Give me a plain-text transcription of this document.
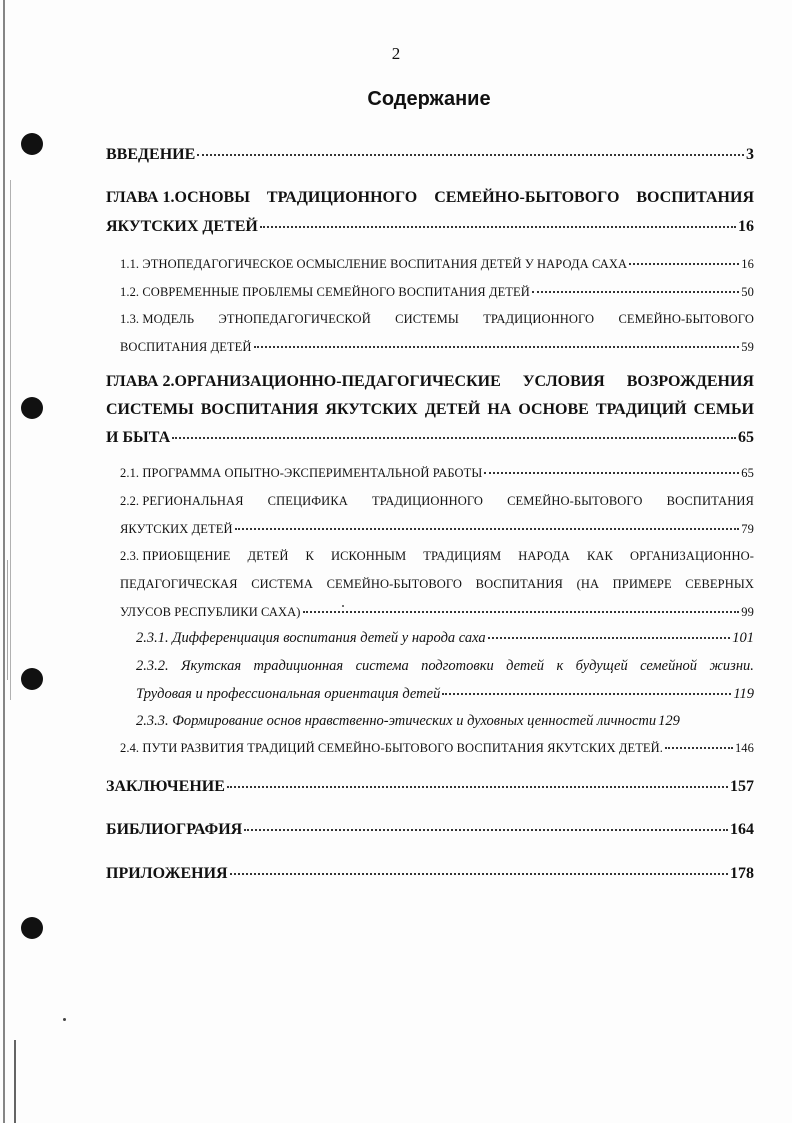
2
Содержание
ВВЕДЕНИЕ	3
ГЛАВА 1.ОСНОВЫ ТРАДИЦИОННОГО СЕМЕЙНО-БЫТОВОГО ВОСПИТАНИЯ
ЯКУТСКИХ ДЕТЕЙ	16
1.1. ЭТНОПЕДАГОГИЧЕСКОЕ ОСМЫСЛЕНИЕ ВОСПИТАНИЯ ДЕТЕЙ У НАРОДА САХА	16
1.2. СОВРЕМЕННЫЕ ПРОБЛЕМЫ СЕМЕЙНОГО ВОСПИТАНИЯ ДЕТЕЙ	50
1.3. МОДЕЛЬ ЭТНОПЕДАГОГИЧЕСКОЙ СИСТЕМЫ ТРАДИЦИОННОГО СЕМЕЙНО-БЫТОВОГО
ВОСПИТАНИЯ ДЕТЕЙ	59
ГЛАВА 2.ОРГАНИЗАЦИОННО-ПЕДАГОГИЧЕСКИЕ УСЛОВИЯ ВОЗРОЖДЕНИЯ
СИСТЕМЫ ВОСПИТАНИЯ ЯКУТСКИХ ДЕТЕЙ НА ОСНОВЕ ТРАДИЦИЙ СЕМЬИ
И БЫТА	65
2.1. ПРОГРАММА ОПЫТНО-ЭКСПЕРИМЕНТАЛЬНОЙ РАБОТЫ	65
2.2. РЕГИОНАЛЬНАЯ СПЕЦИФИКА ТРАДИЦИОННОГО СЕМЕЙНО-БЫТОВОГО ВОСПИТАНИЯ
ЯКУТСКИХ ДЕТЕЙ	79
2.3. ПРИОБЩЕНИЕ ДЕТЕЙ К ИСКОННЫМ ТРАДИЦИЯМ НАРОДА КАК ОРГАНИЗАЦИОННО-
ПЕДАГОГИЧЕСКАЯ СИСТЕМА СЕМЕЙНО-БЫТОВОГО ВОСПИТАНИЯ (НА ПРИМЕРЕ СЕВЕРНЫХ
УЛУСОВ РЕСПУБЛИКИ САХА)	99
2.3.1. Дифференциация воспитания детей у народа саха	101
2.3.2. Якутская традиционная система подготовки детей к будущей семейной жизни.
Трудовая и профессиональная ориентация детей	119
2.3.3. Формирование основ нравственно-этических и духовных ценностей личности 129
2.4. ПУТИ РАЗВИТИЯ ТРАДИЦИЙ СЕМЕЙНО-БЫТОВОГО ВОСПИТАНИЯ ЯКУТСКИХ ДЕТЕЙ.	146
ЗАКЛЮЧЕНИЕ	157
БИБЛИОГРАФИЯ	164
ПРИЛОЖЕНИЯ	178
